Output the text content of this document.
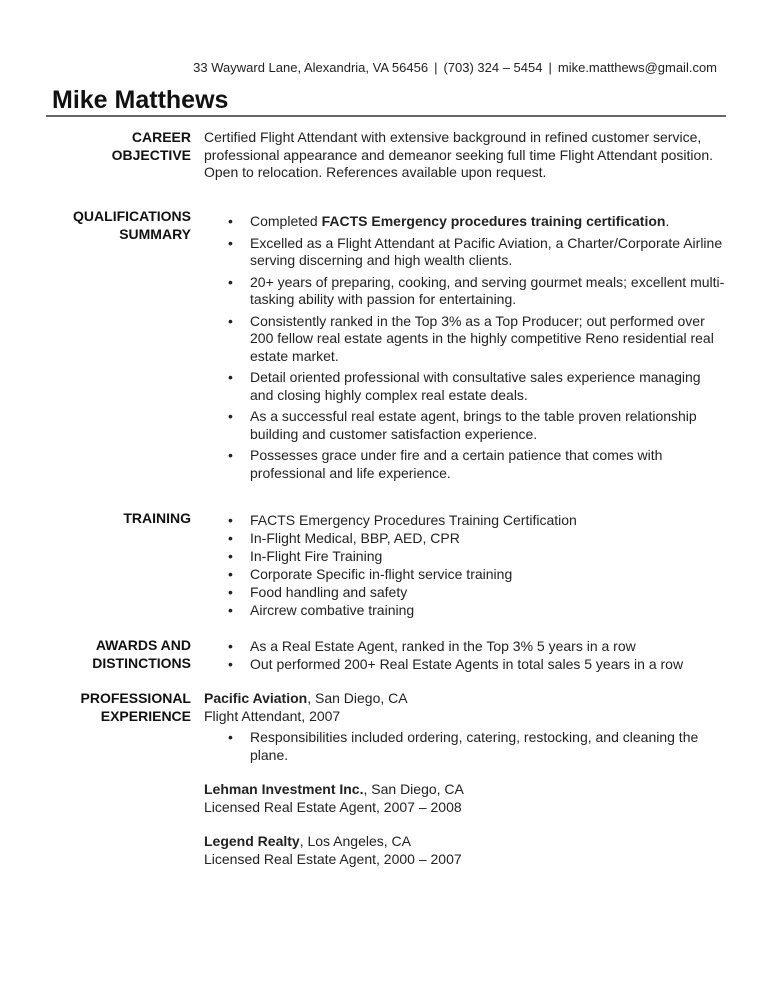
33 Wayward Lane, Alexandria, VA 56456 | (703) 324 – 5454 | mike.matthews@gmail.com
Mike Matthews
CAREER
OBJECTIVE
Certified Flight Attendant with extensive background in refined customer service, professional appearance and demeanor seeking full time Flight Attendant position. Open to relocation. References available upon request.
QUALIFICATIONS
SUMMARY
• Completed FACTS Emergency procedures training certification.
• Excelled as a Flight Attendant at Pacific Aviation, a Charter/Corporate Airline serving discerning and high wealth clients.
• 20+ years of preparing, cooking, and serving gourmet meals; excellent multi-tasking ability with passion for entertaining.
• Consistently ranked in the Top 3% as a Top Producer; out performed over 200 fellow real estate agents in the highly competitive Reno residential real estate market.
• Detail oriented professional with consultative sales experience managing and closing highly complex real estate deals.
• As a successful real estate agent, brings to the table proven relationship building and customer satisfaction experience.
• Possesses grace under fire and a certain patience that comes with professional and life experience.
TRAINING	• FACTS Emergency Procedures Training Certification
• In-Flight Medical, BBP, AED, CPR
• In-Flight Fire Training
• Corporate Specific in-flight service training
• Food handling and safety
• Aircrew combative training
AWARDS AND
DISTINCTIONS
• As a Real Estate Agent, ranked in the Top 3% 5 years in a row
• Out performed 200+ Real Estate Agents in total sales 5 years in a row
PROFESSIONAL
EXPERIENCE
Pacific Aviation, San Diego, CA
Flight Attendant, 2007
• Responsibilities included ordering, catering, restocking, and cleaning the plane.
Lehman Investment Inc., San Diego, CA
Licensed Real Estate Agent, 2007 – 2008
Legend Realty, Los Angeles, CA
Licensed Real Estate Agent, 2000 – 2007
